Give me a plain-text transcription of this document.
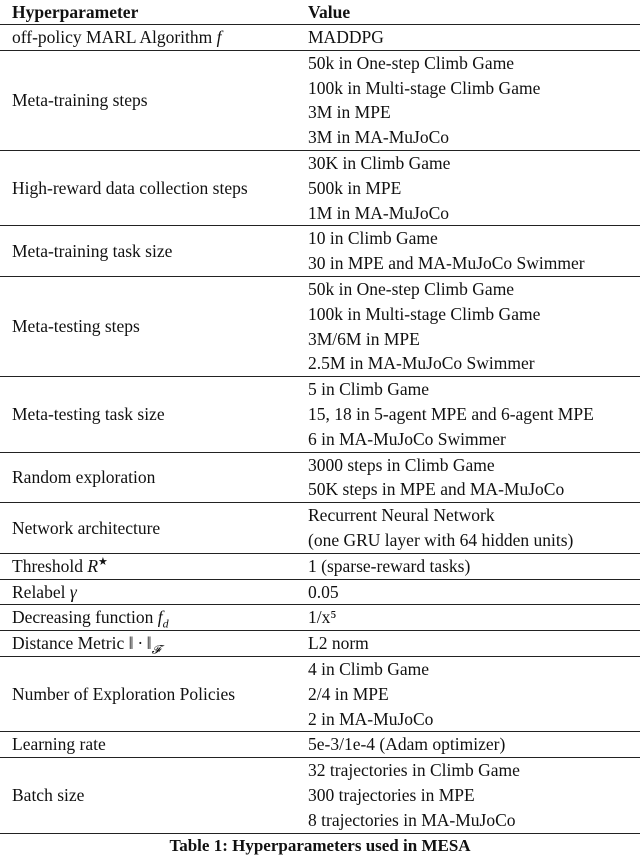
Hyperparameter	Value
off-policy MARL Algorithm f	MADDPG

Meta-training steps	50k in One-step Climb Game
100k in Multi-stage Climb Game
3M in MPE
3M in MA-MuJoCo

High-reward data collection steps	30K in Climb Game
500k in MPE
1M in MA-MuJoCo

Meta-training task size	10 in Climb Game
30 in MPE and MA-MuJoCo Swimmer

Meta-testing steps	50k in One-step Climb Game
100k in Multi-stage Climb Game
3M/6M in MPE
2.5M in MA-MuJoCo Swimmer

Meta-testing task size	5 in Climb Game
15, 18 in 5-agent MPE and 6-agent MPE
6 in MA-MuJoCo Swimmer

Random exploration	3000 steps in Climb Game
50K steps in MPE and MA-MuJoCo

Network architecture	Recurrent Neural Network
(one GRU layer with 64 hidden units)

Threshold R★	1 (sparse-reward tasks)

Relabel γ	0.05

Decreasing function $f_d$	1/x⁵

Distance Metric ‖ · $‖_𝓕$	L2 norm

Number of Exploration Policies	4 in Climb Game
2/4 in MPE
2 in MA-MuJoCo

Learning rate	5e-3/1e-4 (Adam optimizer)

Batch size	32 trajectories in Climb Game
300 trajectories in MPE
8 trajectories in MA-MuJoCo
Table 1: Hyperparameters used in MESA
